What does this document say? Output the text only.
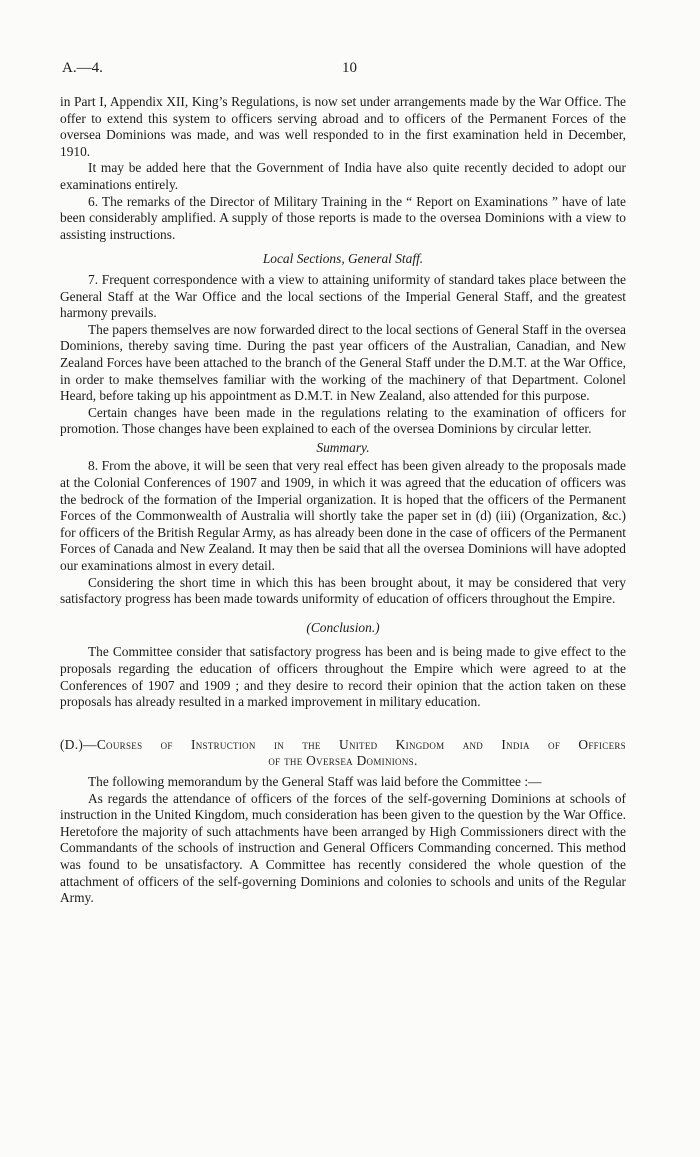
A.—4.	10

in Part I, Appendix XII, King’s Regulations, is now set under arrangements made by the War Office. The offer to extend this system to officers serving abroad and to officers of the Permanent Forces of the oversea Dominions was made, and was well responded to in the first examination held in December, 1910.

It may be added here that the Government of India have also quite recently decided to adopt our examinations entirely.

6. The remarks of the Director of Military Training in the “ Report on Examinations ” have of late been considerably amplified. A supply of those reports is made to the oversea Dominions with a view to assisting instructions.

Local Sections, General Staff.

7. Frequent correspondence with a view to attaining uniformity of standard takes place between the General Staff at the War Office and the local sections of the Imperial General Staff, and the greatest harmony prevails.

The papers themselves are now forwarded direct to the local sections of General Staff in the oversea Dominions, thereby saving time. During the past year officers of the Australian, Canadian, and New Zealand Forces have been attached to the branch of the General Staff under the D.M.T. at the War Office, in order to make themselves familiar with the working of the machinery of that Department. Colonel Heard, before taking up his appointment as D.M.T. in New Zealand, also attended for this purpose.

Certain changes have been made in the regulations relating to the examination of officers for promotion. Those changes have been explained to each of the oversea Dominions by circular letter.

Summary.

8. From the above, it will be seen that very real effect has been given already to the proposals made at the Colonial Conferences of 1907 and 1909, in which it was agreed that the education of officers was the bedrock of the formation of the Imperial organization. It is hoped that the officers of the Permanent Forces of the Commonwealth of Australia will shortly take the paper set in (d) (iii) (Organization, &c.) for officers of the British Regular Army, as has already been done in the case of officers of the Permanent Forces of Canada and New Zealand. It may then be said that all the oversea Dominions will have adopted our examinations almost in every detail.

Considering the short time in which this has been brought about, it may be considered that very satisfactory progress has been made towards uniformity of education of officers throughout the Empire.

(Conclusion.)

The Committee consider that satisfactory progress has been and is being made to give effect to the proposals regarding the education of officers throughout the Empire which were agreed to at the Conferences of 1907 and 1909 ; and they desire to record their opinion that the action taken on these proposals has already resulted in a marked improvement in military education.

(D.)—Courses of Instruction in the United Kingdom and India of Officers
of the Oversea Dominions.

The following memorandum by the General Staff was laid before the Committee :—

As regards the attendance of officers of the forces of the self-governing Dominions at schools of instruction in the United Kingdom, much consideration has been given to the question by the War Office. Heretofore the majority of such attachments have been arranged by High Commissioners direct with the Commandants of the schools of instruction and General Officers Commanding concerned. This method was found to be unsatisfactory. A Committee has recently considered the whole question of the attachment of officers of the self-governing Dominions and colonies to schools and units of the Regular Army.
